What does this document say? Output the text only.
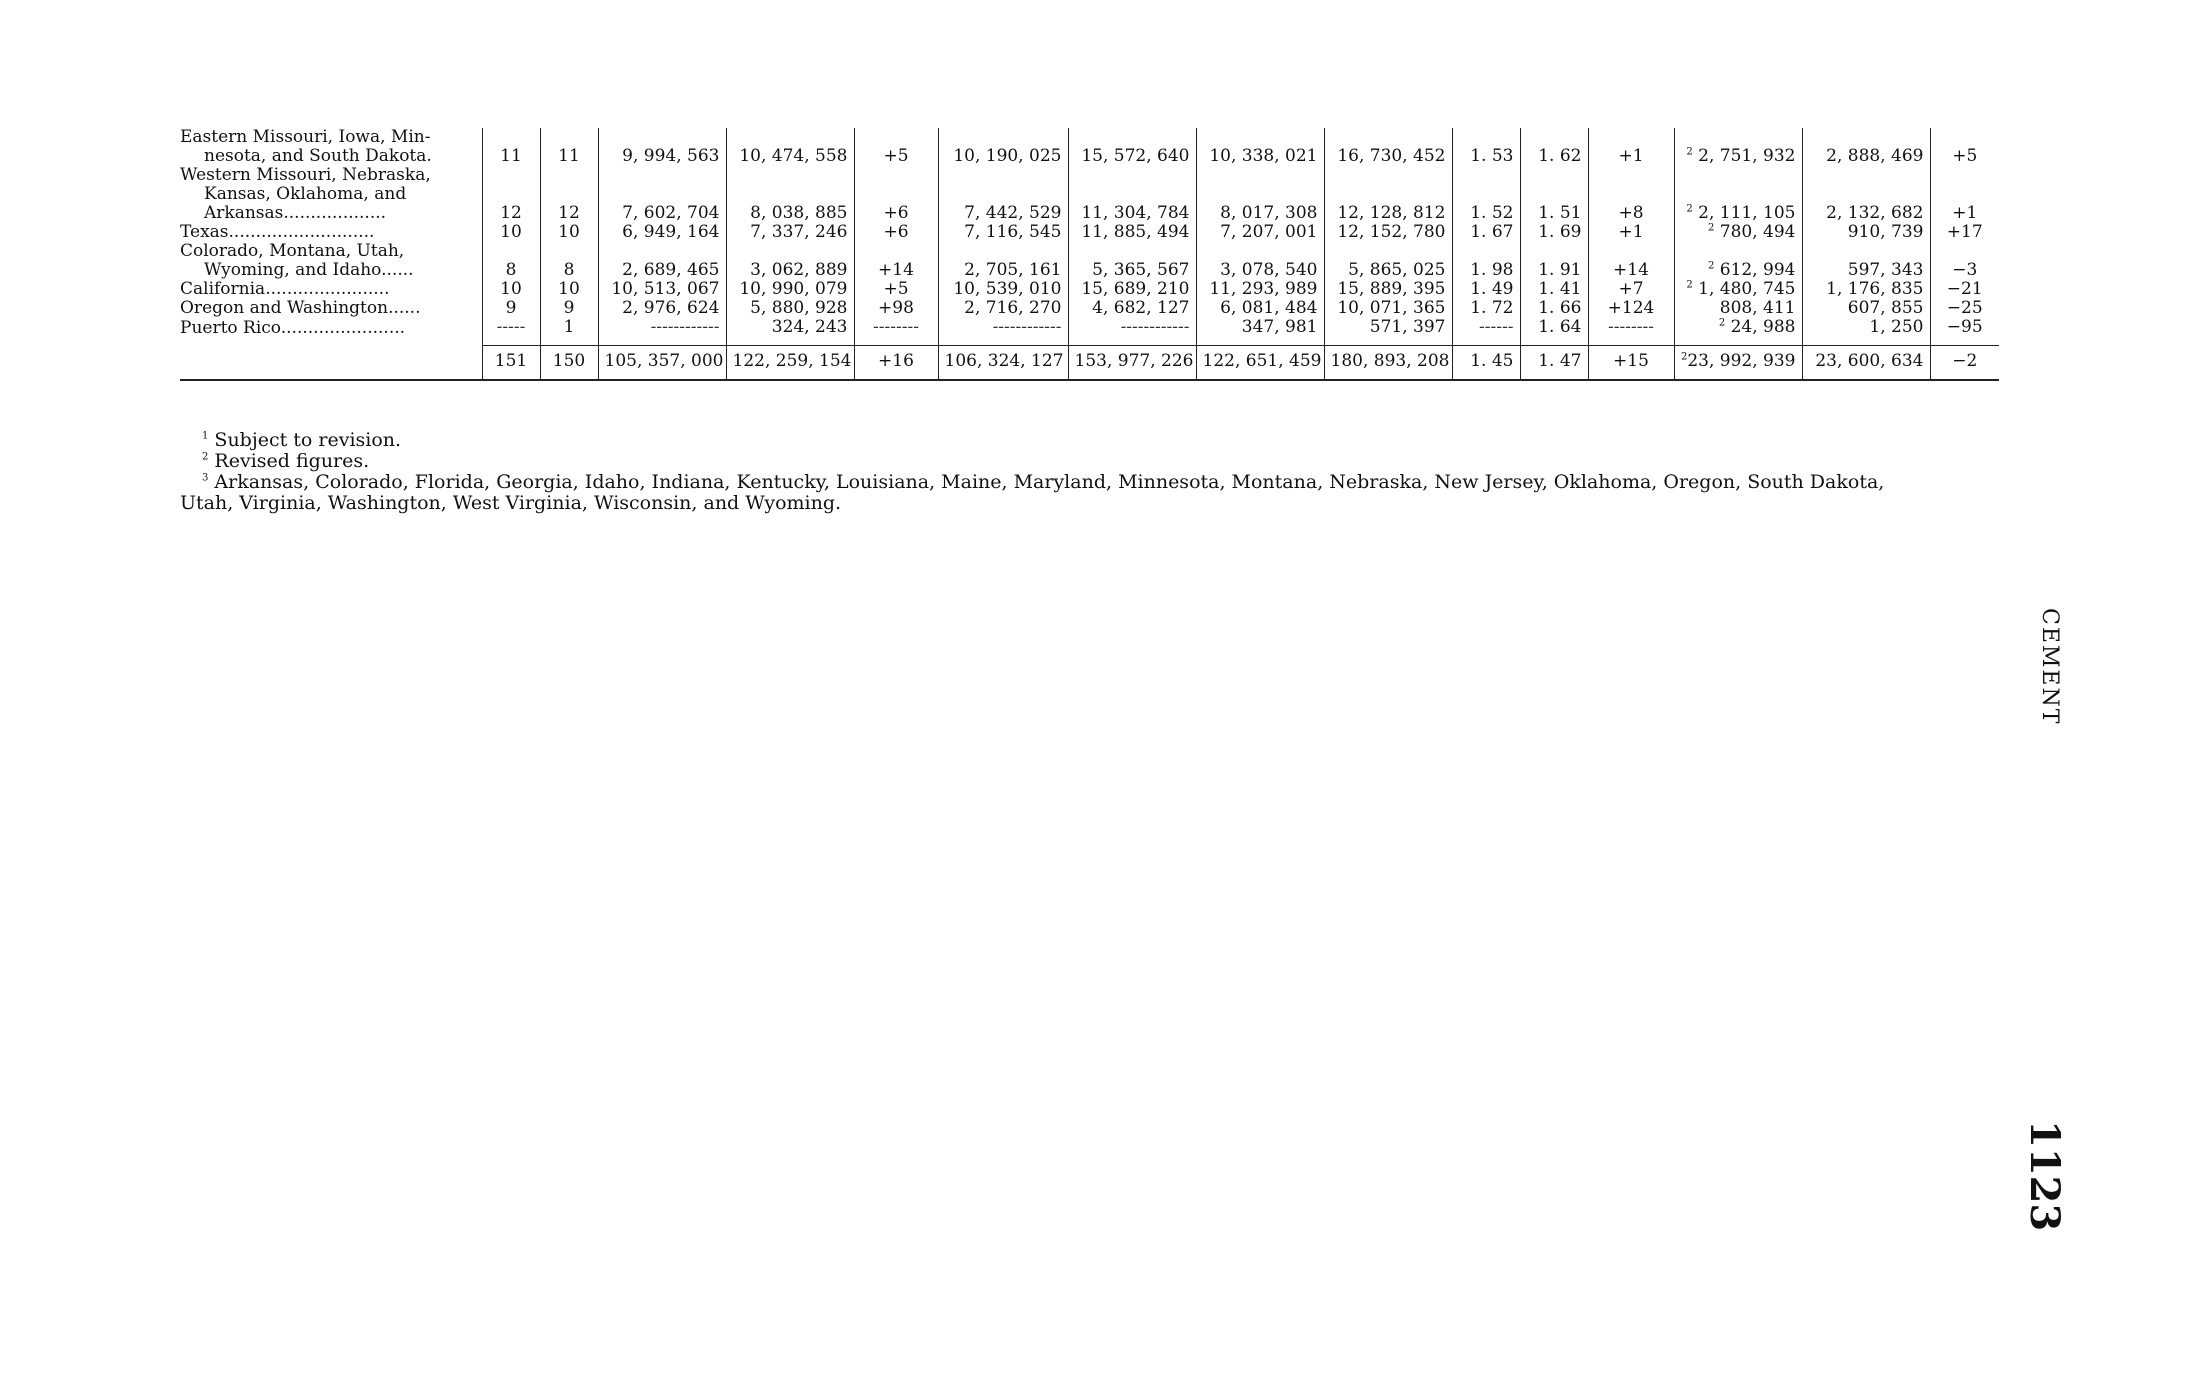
Eastern Missouri, Iowa, Min-
nesota, and South Dakota.	11	11	9, 994, 563	10, 474, 558	+5	10, 190, 025	15, 572, 640	10, 338, 021	16, 730, 452	1. 53	1. 62	+1	$^2$ 2, 751, 932	2, 888, 469	+5

Western Missouri, Nebraska,
Kansas, Oklahoma, and
Arkansas...................	12	12	7, 602, 704	8, 038, 885	+6	7, 442, 529	11, 304, 784	8, 017, 308	12, 128, 812	1. 52	1. 51	+8	$^2$ 2, 111, 105	2, 132, 682	+1

Texas...........................	10	10	6, 949, 164	7, 337, 246	+6	7, 116, 545	11, 885, 494	7, 207, 001	12, 152, 780	1. 67	1. 69	+1	$^2$ 780, 494	910, 739	+17

Colorado, Montana, Utah,
Wyoming, and Idaho......	8	8	2, 689, 465	3, 062, 889	+14	2, 705, 161	5, 365, 567	3, 078, 540	5, 865, 025	1. 98	1. 91	+14	$^2$ 612, 994	597, 343	−3

California.......................	10	10	10, 513, 067	10, 990, 079	+5	10, 539, 010	15, 689, 210	11, 293, 989	15, 889, 395	1. 49	1. 41	+7	$^2$ 1, 480, 745	1, 176, 835	−21

Oregon and Washington......	9	9	2, 976, 624	5, 880, 928	+98	2, 716, 270	4, 682, 127	6, 081, 484	10, 071, 365	1. 72	1. 66	+124	808, 411	607, 855	−25

Puerto Rico.......................	-----	1	------------	324, 243	--------	------------	------------	347, 981	571, 397	------	1. 64	--------	$^2$ 24, 988	1, 250	−95
	151	150	105, 357, 000	122, 259, 154	+16	106, 324, 127	153, 977, 226	122, 651, 459	180, 893, 208	1. 45	1. 47	+15	$^2$23, 992, 939	23, 600, 634	−2
$^1$ Subject to revision.
$^2$ Revised figures.
$^3$ Arkansas, Colorado, Florida, Georgia, Idaho, Indiana, Kentucky, Louisiana, Maine, Maryland, Minnesota, Montana, Nebraska, New Jersey, Oklahoma, Oregon, South Dakota,
Utah, Virginia, Washington, West Virginia, Wisconsin, and Wyoming.
CEMENT
1123
